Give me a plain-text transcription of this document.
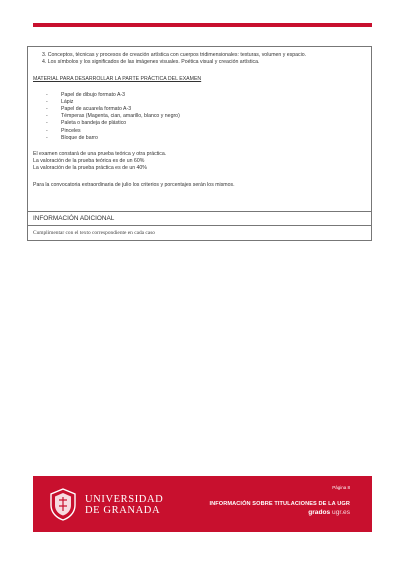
3. Conceptos, técnicas y procesos de creación artística con cuerpos tridimensionales: texturas, volumen y espacio.
4. Los símbolos y los significados de las imágenes visuales. Poética visual y creación artística.
MATERIAL PARA DESARROLLAR LA PARTE PRÁCTICA DEL EXAMEN
-	Papel de dibujo formato A-3
-	Lápiz
-	Papel de acuarela formato A-3
-	Témperas (Magenta, cian, amarillo, blanco y negro)
-	Paleta o bandeja de plástico
-	Pinceles
-	Bloque de barro
El examen constará de una prueba teórica y otra práctica.
La valoración de la prueba teórica es de un 60%
La valoración de la prueba práctica es de un 40%
Para la convocatoria extraordinaria de julio los criterios y porcentajes serán los mismos.
INFORMACIÓN ADICIONAL
Cumplimentar con el texto correspondiente en cada caso
UNIVERSIDAD
DE GRANADA
Página 8
INFORMACIÓN SOBRE TITULACIONES DE LA UGR
grados ugr.es
